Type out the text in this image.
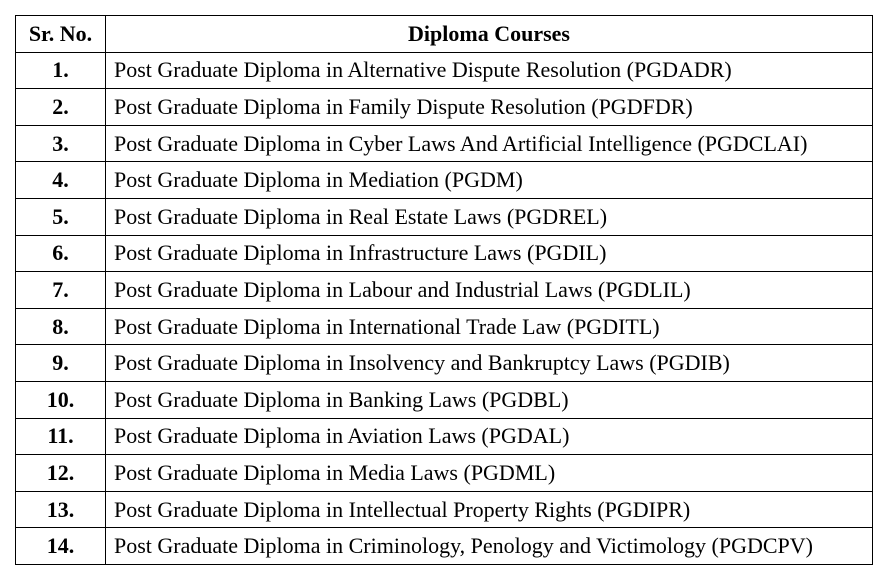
Sr. No.	Diploma Courses
1.	Post Graduate Diploma in Alternative Dispute Resolution (PGDADR)
2.	Post Graduate Diploma in Family Dispute Resolution (PGDFDR)
3.	Post Graduate Diploma in Cyber Laws And Artificial Intelligence (PGDCLAI)
4.	Post Graduate Diploma in Mediation (PGDM)
5.	Post Graduate Diploma in Real Estate Laws (PGDREL)
6.	Post Graduate Diploma in Infrastructure Laws (PGDIL)
7.	Post Graduate Diploma in Labour and Industrial Laws (PGDLIL)
8.	Post Graduate Diploma in International Trade Law (PGDITL)
9.	Post Graduate Diploma in Insolvency and Bankruptcy Laws (PGDIB)
10.	Post Graduate Diploma in Banking Laws (PGDBL)
11.	Post Graduate Diploma in Aviation Laws (PGDAL)
12.	Post Graduate Diploma in Media Laws (PGDML)
13.	Post Graduate Diploma in Intellectual Property Rights (PGDIPR)
14.	Post Graduate Diploma in Criminology, Penology and Victimology (PGDCPV)
